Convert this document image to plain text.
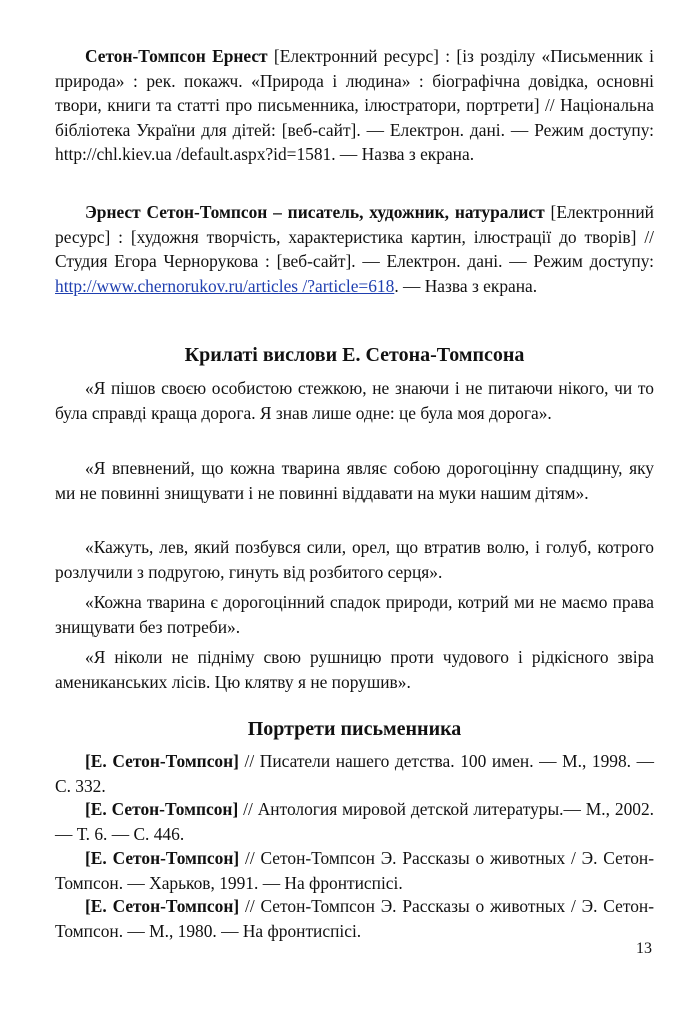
Сетон-Томпсон Ернест [Електронний ресурс] : [із розділу «Письменник і природа» : рек. покажч. «Природа і людина» : біографічна довідка, основні твори, книги та статті про письменника, ілюстратори, портрети] // Національна бібліотека України для дітей: [веб-сайт]. — Електрон. дані. — Режим доступу: http://chl.kiev.ua /default.aspx?id=1581. — Назва з екрана.

Эрнест Сетон-Томпсон – писатель, художник, натуралист [Електронний ресурс] : [художня творчість, характеристика картин, ілюстрації до творів] // Студия Егора Чернорукова : [веб-сайт]. — Електрон. дані. — Режим доступу: http://www.chernorukov.ru/articles /?article=618. — Назва з екрана.

Крилаті вислови Е. Сетона-Томпсона

«Я пішов своєю особистою стежкою, не знаючи і не питаючи нікого, чи то була справді краща дорога. Я знав лише одне: це була моя дорога».

«Я впевнений, що кожна тварина являє собою дорогоцінну спадщину, яку ми не повинні знищувати і не повинні віддавати на муки нашим дітям».

«Кажуть, лев, який позбувся сили, орел, що втратив волю, і голуб, котрого розлучили з подругою, гинуть від розбитого серця».

«Кожна тварина є дорогоцінний спадок природи, котрий ми не маємо права знищувати без потреби».

«Я ніколи не підніму свою рушницю проти чудового і рідкісного звіра амениканських лісів. Цю клятву я не порушив».

Портрети письменника

[Е. Сетон-Томпсон] // Писатели нашего детства. 100 имен. — М., 1998. — С. 332.

[Е. Сетон-Томпсон] // Антология мировой детской литературы.— М., 2002. — Т. 6. — С. 446.

[Е. Сетон-Томпсон] // Сетон-Томпсон Э. Рассказы о животных / Э. Сетон-Томпсон. — Харьков, 1991. — На фронтиспісі.

[Е. Сетон-Томпсон] // Сетон-Томпсон Э. Рассказы о животных / Э. Сетон-Томпсон. — М., 1980. — На фронтиспісі.

13
